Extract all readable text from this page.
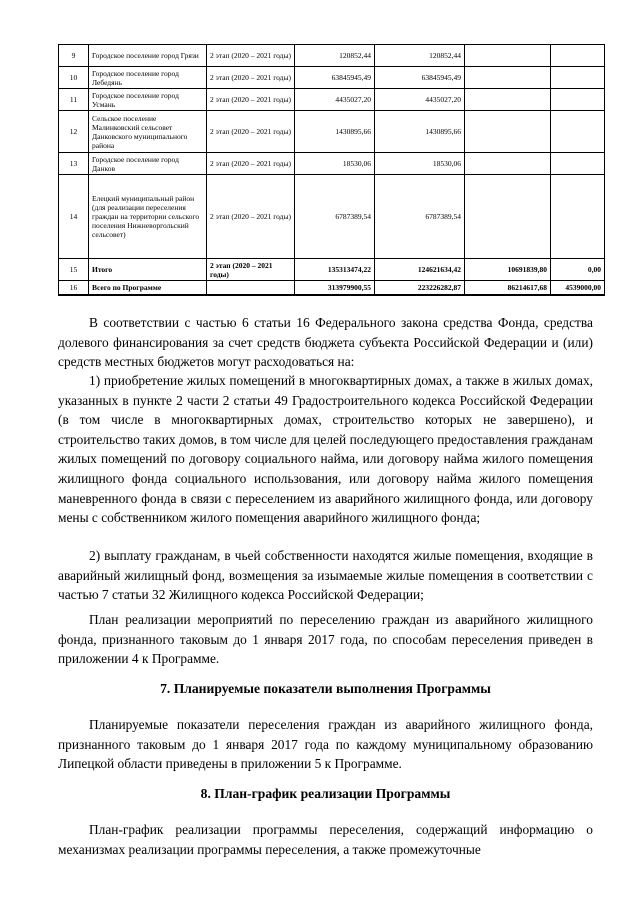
9	Городское поселение город Грязи	2 этап (2020 – 2021 годы)	120852,44	120852,44		
10	Городское поселение город Лебедянь	2 этап (2020 – 2021 годы)	63845945,49	63845945,49		
11	Городское поселение город Усмань	2 этап (2020 – 2021 годы)	4435027,20	4435027,20		
12	Сельское поселение Малинковский сельсовет Данковского муниципального района	2 этап (2020 – 2021 годы)	1430895,66	1430895,66		
13	Городское поселение город Данков	2 этап (2020 – 2021 годы)	18530,06	18530,06		
14	Елецкий муниципальный район (для реализации переселения граждан на территории сельского поселения Нижневоргольский сельсовет)	2 этап (2020 – 2021 годы)	6787389,54	6787389,54		
15	Итого	2 этап (2020 – 2021 годы)	135313474,22	124621634,42	10691839,80	0,00
16	Всего по Программе		313979900,55	223226282,87	86214617,68	4539000,00

В соответствии с частью 6 статьи 16 Федерального закона средства Фонда, средства долевого финансирования за счет средств бюджета субъекта Российской Федерации и (или) средств местных бюджетов могут расходоваться на:

1) приобретение жилых помещений в многоквартирных домах, а также в жилых домах, указанных в пункте 2 части 2 статьи 49 Градостроительного кодекса Российской Федерации (в том числе в многоквартирных домах, строительство которых не завершено), и строительство таких домов, в том числе для целей последующего предоставления гражданам жилых помещений по договору социального найма, или договору найма жилого помещения жилищного фонда социального использования, или договору найма жилого помещения маневренного фонда в связи с переселением из аварийного жилищного фонда, или договору мены с собственником жилого помещения аварийного жилищного фонда;

2) выплату гражданам, в чьей собственности находятся жилые помещения, входящие в аварийный жилищный фонд, возмещения за изымаемые жилые помещения в соответствии с частью 7 статьи 32 Жилищного кодекса Российской Федерации;

План реализации мероприятий по переселению граждан из аварийного жилищного фонда, признанного таковым до 1 января 2017 года, по способам переселения приведен в приложении 4 к Программе.

7. Планируемые показатели выполнения Программы

Планируемые показатели переселения граждан из аварийного жилищного фонда, признанного таковым до 1 января 2017 года по каждому муниципальному образованию Липецкой области приведены в приложении 5 к Программе.

8. План-график реализации Программы

План-график реализации программы переселения, содержащий информацию о механизмах реализации программы переселения, а также промежуточные
